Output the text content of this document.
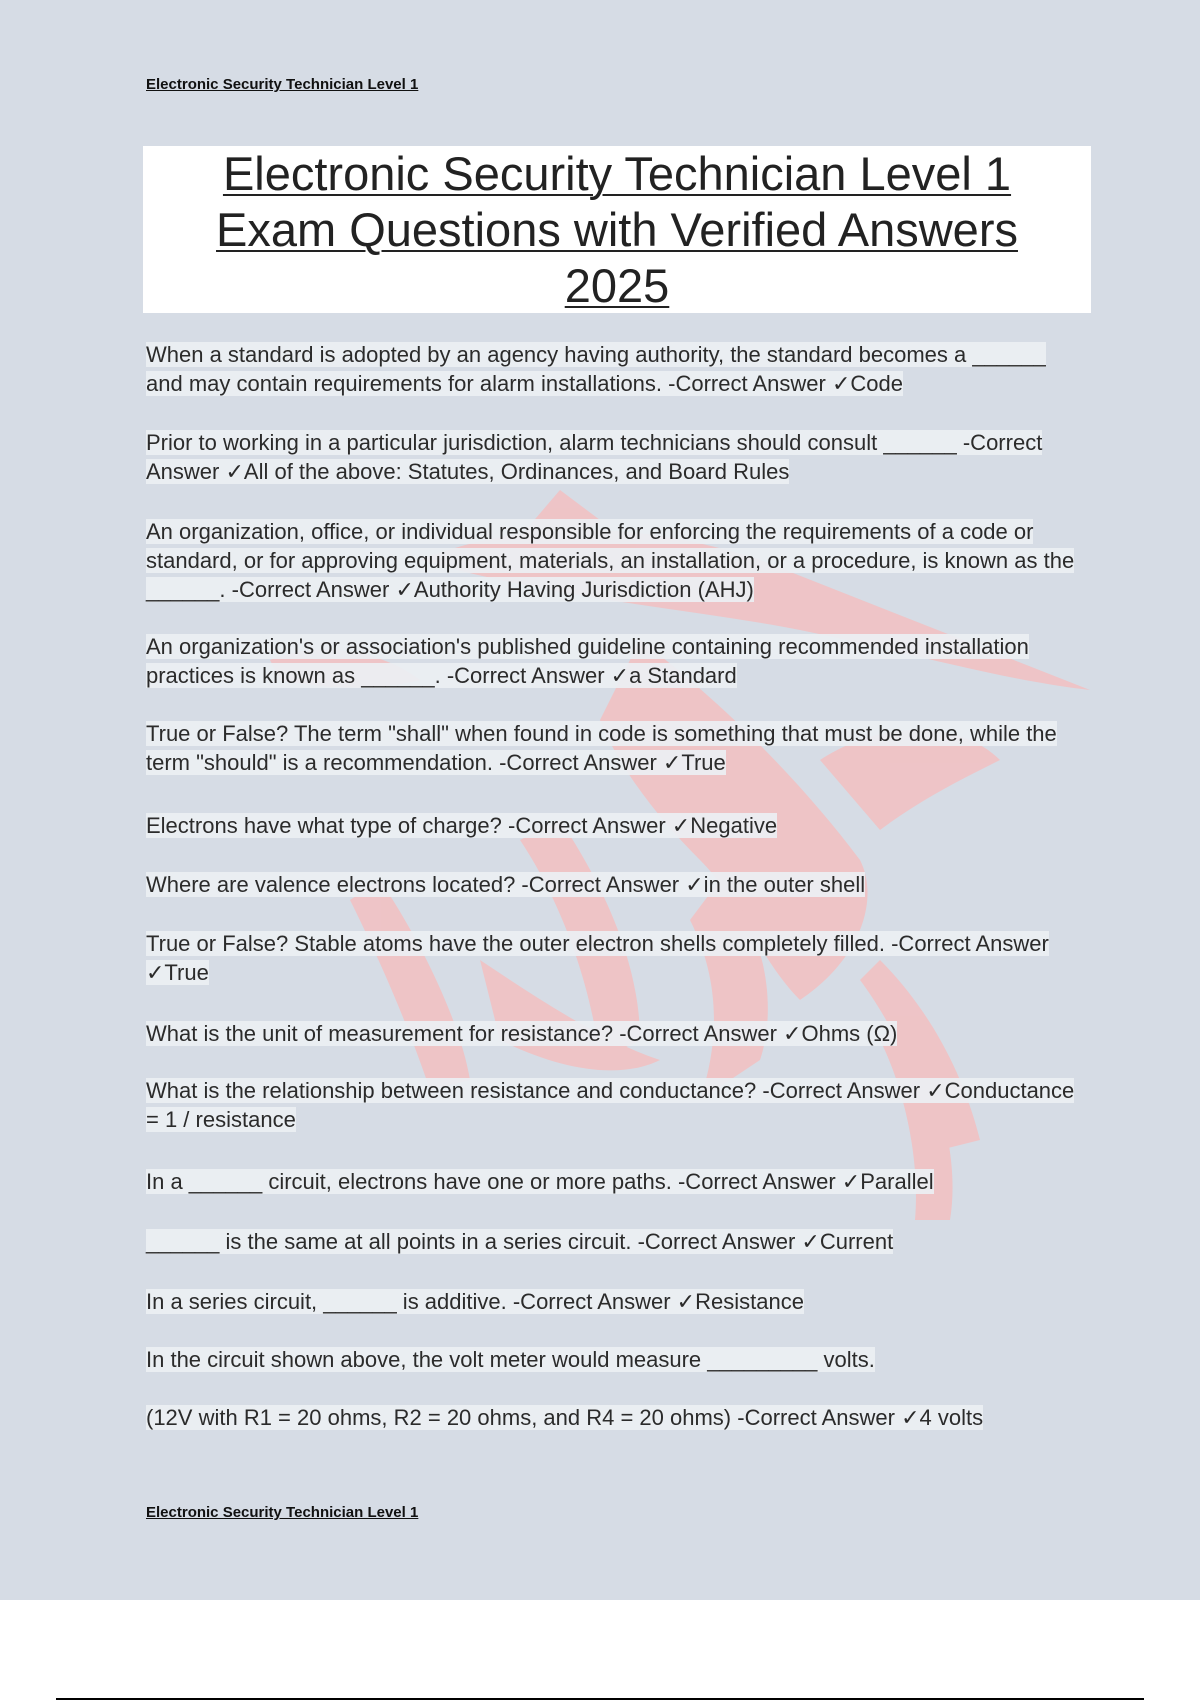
Electronic Security Technician Level 1
Electronic Security Technician Level 1
Exam Questions with Verified Answers
2025
When a standard is adopted by an agency having authority, the standard becomes a ______ and may contain requirements for alarm installations. -Correct Answer ✓Code
Prior to working in a particular jurisdiction, alarm technicians should consult ______ -Correct Answer ✓All of the above: Statutes, Ordinances, and Board Rules
An organization, office, or individual responsible for enforcing the requirements of a code or standard, or for approving equipment, materials, an installation, or a procedure, is known as the ______. -Correct Answer ✓Authority Having Jurisdiction (AHJ)
An organization's or association's published guideline containing recommended installation practices is known as ______. -Correct Answer ✓a Standard
True or False? The term "shall" when found in code is something that must be done, while the term "should" is a recommendation. -Correct Answer ✓True
Electrons have what type of charge? -Correct Answer ✓Negative
Where are valence electrons located? -Correct Answer ✓in the outer shell
True or False? Stable atoms have the outer electron shells completely filled. -Correct Answer ✓True
What is the unit of measurement for resistance? -Correct Answer ✓Ohms (Ω)
What is the relationship between resistance and conductance? -Correct Answer ✓Conductance = 1 / resistance
In a ______ circuit, electrons have one or more paths. -Correct Answer ✓Parallel
______ is the same at all points in a series circuit. -Correct Answer ✓Current
In a series circuit, ______ is additive. -Correct Answer ✓Resistance
In the circuit shown above, the volt meter would measure _________ volts.
(12V with R1 = 20 ohms, R2 = 20 ohms, and R4 = 20 ohms) -Correct Answer ✓4 volts
Electronic Security Technician Level 1
